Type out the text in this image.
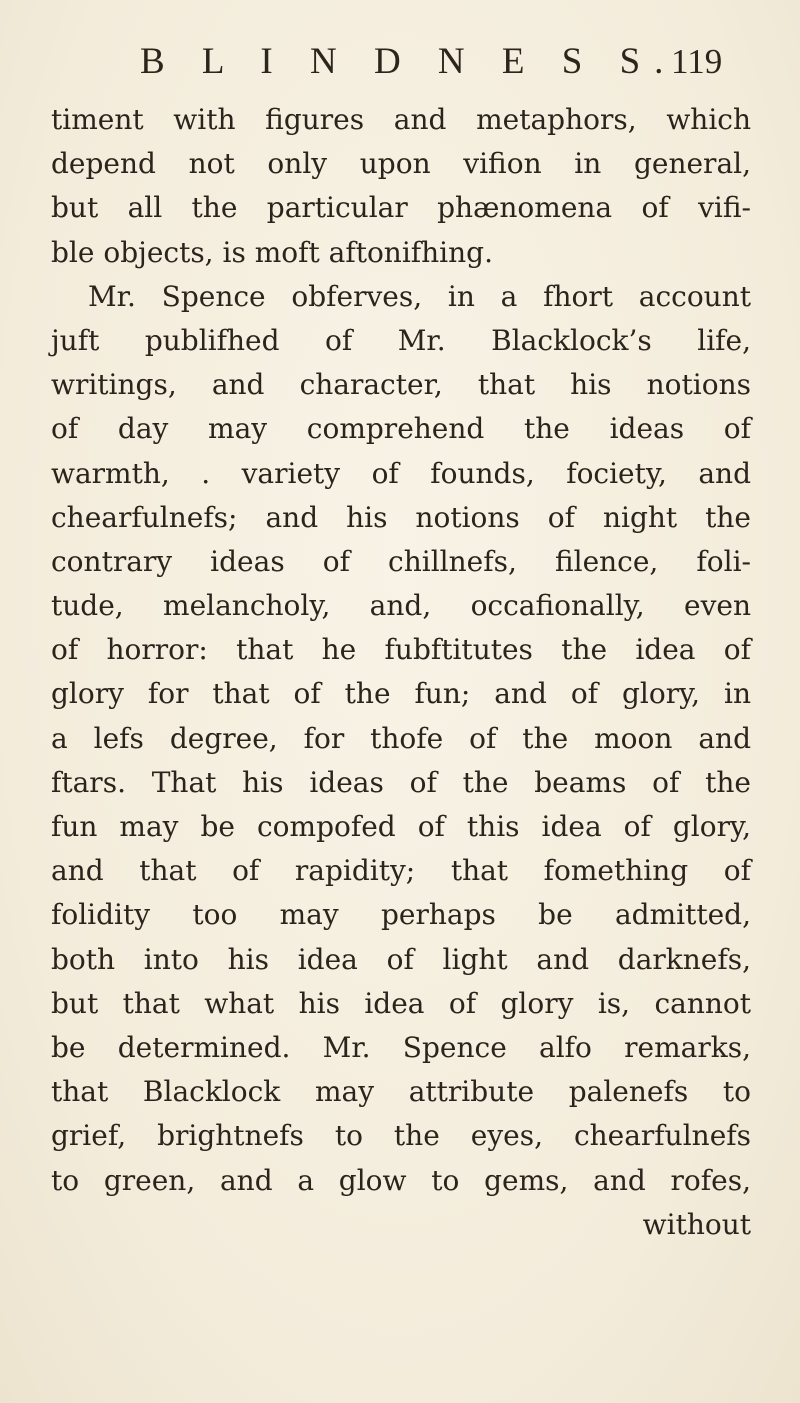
B L I N D N E S S.
119
timent with figures and metaphors, which
depend not only upon vifion in general,
but all the particular phænomena of vifi-
ble objects, is moft aftonifhing.
Mr. Spence obferves, in a fhort account
juft publifhed of Mr. Blacklock’s life,
writings, and character, that his notions
of day may comprehend the ideas of
warmth, . variety of founds, fociety, and
chearfulnefs; and his notions of night the
contrary ideas of chillnefs, filence, foli-
tude, melancholy, and, occafionally, even
of horror: that he fubftitutes the idea of
glory for that of the fun; and of glory, in
a lefs degree, for thofe of the moon and
ftars. That his ideas of the beams of the
fun may be compofed of this idea of glory,
and that of rapidity; that fomething of
folidity too may perhaps be admitted,
both into his idea of light and darknefs,
but that what his idea of glory is, cannot
be determined. Mr. Spence alfo remarks,
that Blacklock may attribute palenefs to
grief, brightnefs to the eyes, chearfulnefs
to green, and a glow to gems, and rofes,
without
